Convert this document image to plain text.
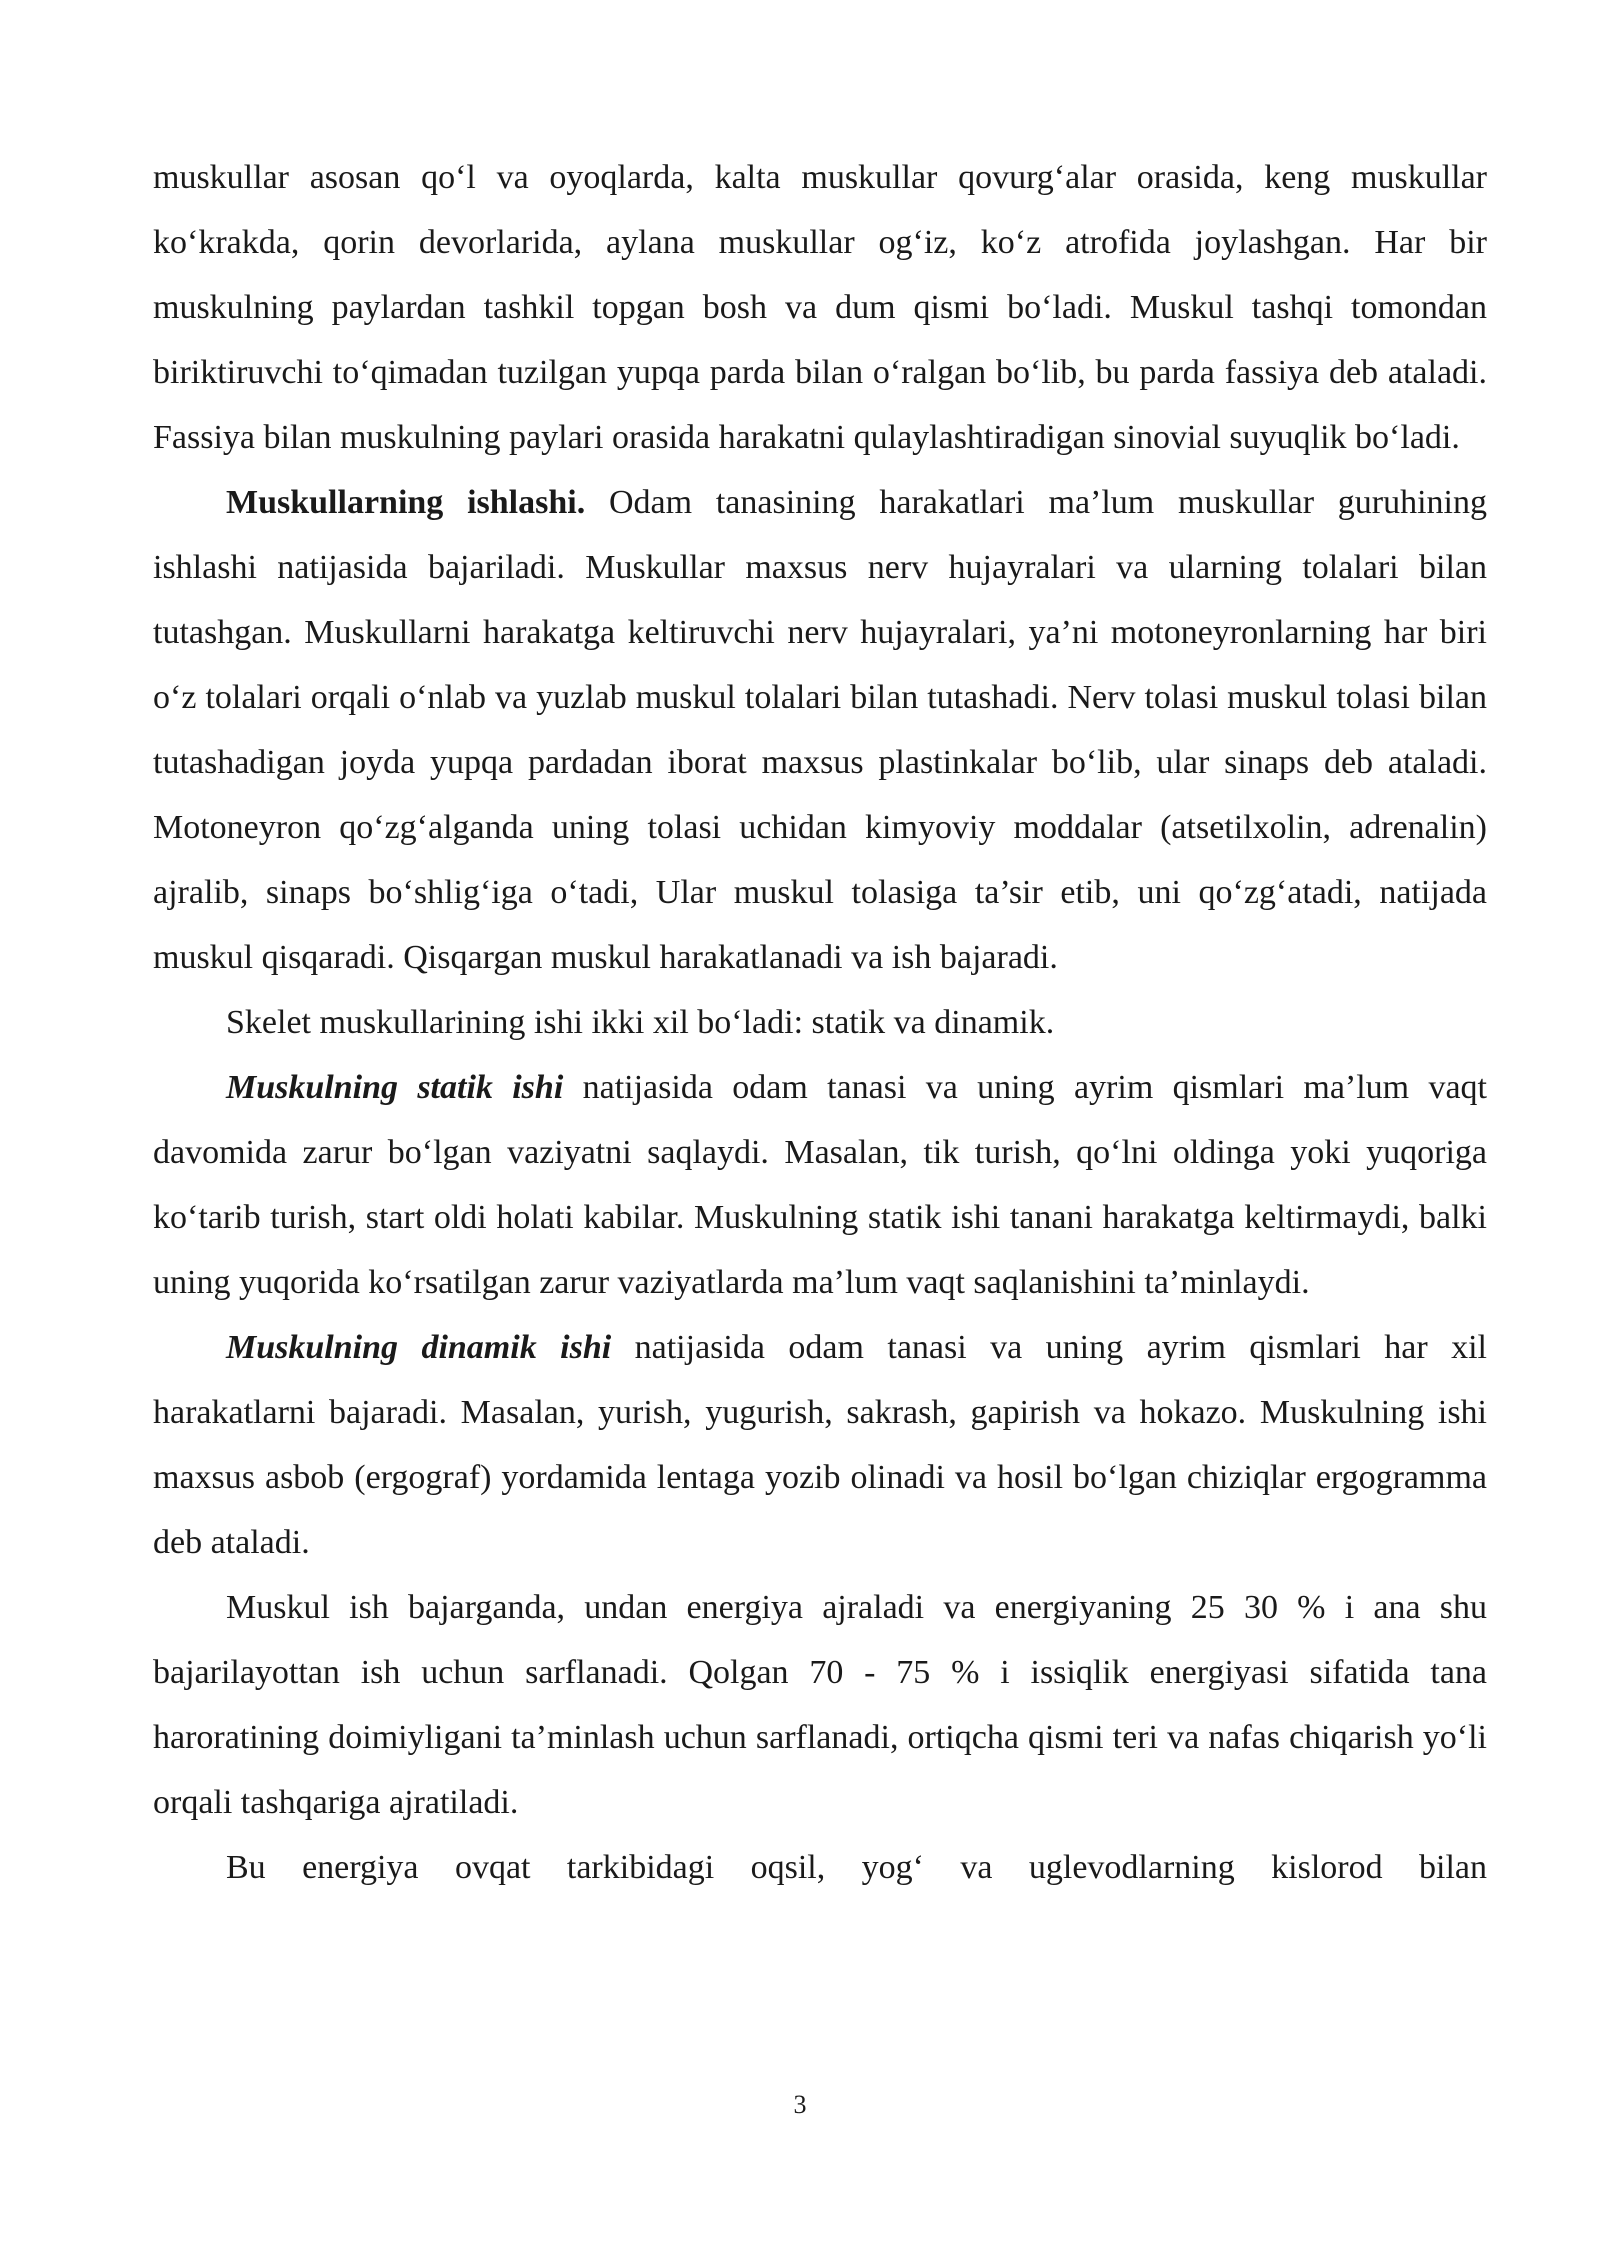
muskullar asosan qo‘l va oyoqlarda, kalta muskullar qovurg‘alar orasida, keng muskullar ko‘krakda, qorin devorlarida, aylana muskullar og‘iz, ko‘z atrofida joylashgan. Har bir muskulning paylardan tashkil topgan bosh va dum qismi bo‘ladi. Muskul tashqi tomondan biriktiruvchi to‘qimadan tuzilgan yupqa parda bilan o‘ralgan bo‘lib, bu parda fassiya deb ataladi. Fassiya bilan muskulning paylari orasida harakatni qulaylashtiradigan sinovial suyuqlik bo‘ladi.

Muskullarning ishlashi. Odam tanasining harakatlari ma’lum muskullar guruhining ishlashi natijasida bajariladi. Muskullar maxsus nerv hujayralari va ularning tolalari bilan tutashgan. Muskullarni harakatga keltiruvchi nerv hujayralari, ya’ni motoneyronlarning har biri o‘z tolalari orqali o‘nlab va yuzlab muskul tolalari bilan tutashadi. Nerv tolasi muskul tolasi bilan tutashadigan joyda yupqa pardadan iborat maxsus plastinkalar bo‘lib, ular sinaps deb ataladi. Motoneyron qo‘zg‘alganda uning tolasi uchidan kimyoviy moddalar (atsetilxolin, adrenalin) ajralib, sinaps bo‘shlig‘iga o‘tadi, Ular muskul tolasiga ta’sir etib, uni qo‘zg‘atadi, natijada muskul qisqaradi. Qisqargan muskul harakatlanadi va ish bajaradi.

Skelet muskullarining ishi ikki xil bo‘ladi: statik va dinamik.

Muskulning statik ishi natijasida odam tanasi va uning ayrim qismlari ma’lum vaqt davomida zarur bo‘lgan vaziyatni saqlaydi. Masalan, tik turish, qo‘lni oldinga yoki yuqoriga ko‘tarib turish, start oldi holati kabilar. Muskulning statik ishi tanani harakatga keltirmaydi, balki uning yuqorida ko‘rsatilgan zarur vaziyatlarda ma’lum vaqt saqlanishini ta’minlaydi.

Muskulning dinamik ishi natijasida odam tanasi va uning ayrim qismlari har xil harakatlarni bajaradi. Masalan, yurish, yugurish, sakrash, gapirish va hokazo. Muskulning ishi maxsus asbob (ergograf) yordamida lentaga yozib olinadi va hosil bo‘lgan chiziqlar ergogramma deb ataladi.

Muskul ish bajarganda, undan energiya ajraladi va energiyaning 25 30 % i ana shu bajarilayottan ish uchun sarflanadi. Qolgan 70 - 75 % i issiqlik energiyasi sifatida tana haroratining doimiyligani ta’minlash uchun sarflanadi, ortiqcha qismi teri va nafas chiqarish yo‘li orqali tashqariga ajratiladi.

Bu energiya ovqat tarkibidagi oqsil, yog‘ va uglevodlarning kislorod bilan

3
